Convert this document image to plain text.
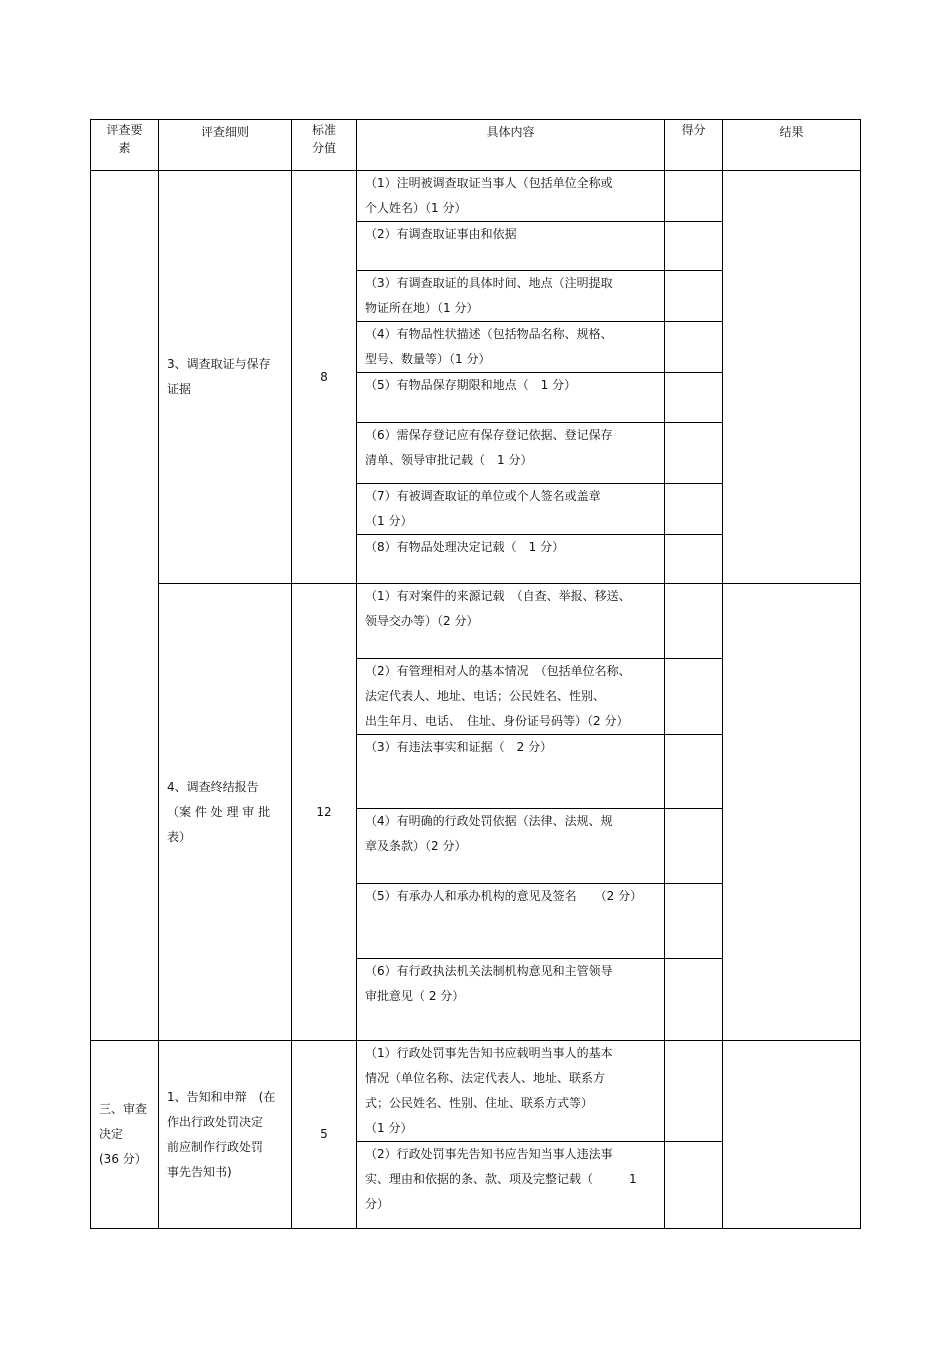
评查要
素	评查细则	标准
分值	具体内容	得分	结果
	3、调查取证与保存
证据	8	（1）注明被调查取证当事人（包括单位全称或
个人姓名）（1 分）		
			（2）有调查取证事由和依据		
			（3）有调查取证的具体时间、地点（注明提取
物证所在地）（1 分）		
			（4）有物品性状描述（包括物品名称、规格、
型号、数量等）（1 分）		
			（5）有物品保存期限和地点（　1 分）		
			（6）需保存登记应有保存登记依据、登记保存
清单、领导审批记载（　1 分）		
			（7）有被调查取证的单位或个人签名或盖章
（1 分）		
			（8）有物品处理决定记载（　1 分）		
	4、调查终结报告
（案 件 处 理 审 批
表）	12	（1）有对案件的来源记载　（自查、举报、移送、
领导交办等）（2 分）		
			（2）有管理相对人的基本情况　（包括单位名称、
法定代表人、地址、电话；公民姓名、性别、
出生年月、电话、　住址、身份证号码等）（2 分）		
			（3）有违法事实和证据（　2 分）		
			（4）有明确的行政处罚依据（法律、法规、规
章及条款）（2 分）		
			（5）有承办人和承办机构的意见及签名　　（2 分）		
			（6）有行政执法机关法制机构意见和主管领导
审批意见（ 2 分）		
三、审查
决定
(36 分）	1、告知和申辩　(在
作出行政处罚决定
前应制作行政处罚
事先告知书)	5	（1）行政处罚事先告知书应载明当事人的基本
情况（单位名称、法定代表人、地址、联系方
式；公民姓名、性别、住址、联系方式等）
（1 分）		
			（2）行政处罚事先告知书应告知当事人违法事
实、理由和依据的条、款、项及完整记载（　　　1
分）		
